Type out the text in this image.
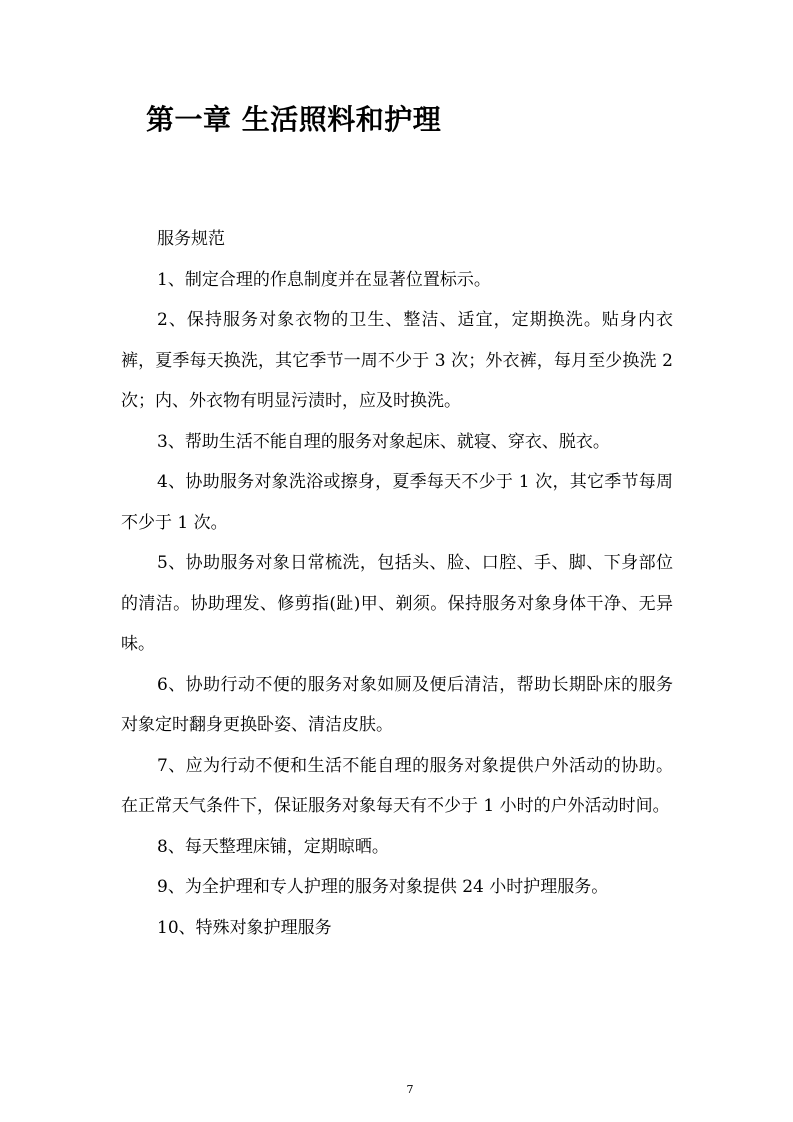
第一章 生活照料和护理

服务规范

1、制定合理的作息制度并在显著位置标示。

2、保持服务对象衣物的卫生、整洁、适宜，定期换洗。贴身内衣裤，夏季每天换洗，其它季节一周不少于 3 次；外衣裤，每月至少换洗 2 次；内、外衣物有明显污渍时，应及时换洗。

3、帮助生活不能自理的服务对象起床、就寝、穿衣、脱衣。

4、协助服务对象洗浴或擦身，夏季每天不少于 1 次，其它季节每周不少于 1 次。

5、协助服务对象日常梳洗，包括头、脸、口腔、手、脚、下身部位的清洁。协助理发、修剪指(趾)甲、剃须。保持服务对象身体干净、无异味。

6、协助行动不便的服务对象如厕及便后清洁，帮助长期卧床的服务对象定时翻身更换卧姿、清洁皮肤。

7、应为行动不便和生活不能自理的服务对象提供户外活动的协助。在正常天气条件下，保证服务对象每天有不少于 1 小时的户外活动时间。

8、每天整理床铺，定期晾晒。

9、为全护理和专人护理的服务对象提供 24 小时护理服务。

10、特殊对象护理服务

7
